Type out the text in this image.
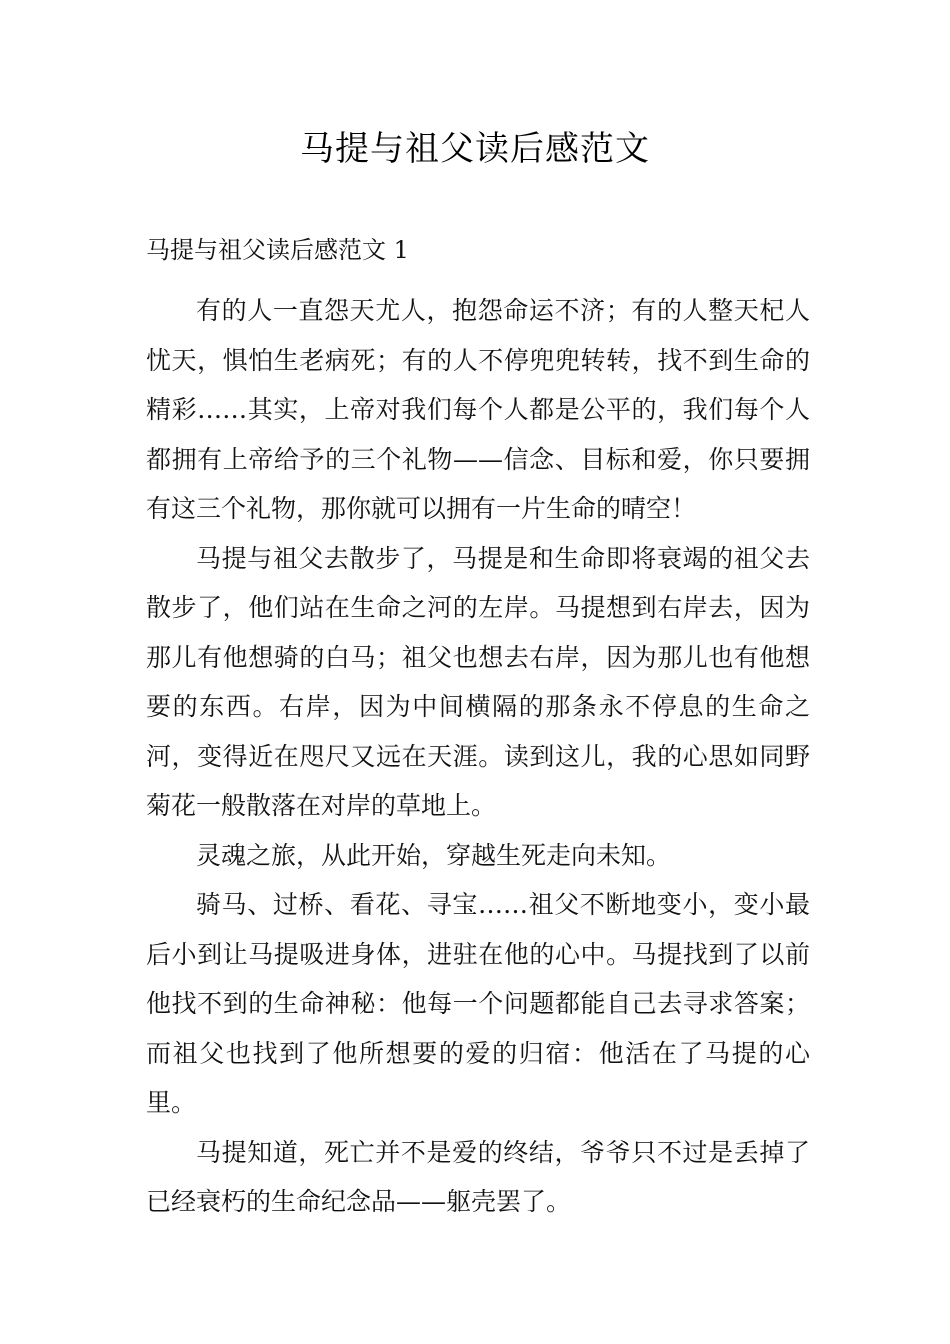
马提与祖父读后感范文
马提与祖父读后感范文 1

有的人一直怨天尤人，抱怨命运不济；有的人整天杞人忧天，惧怕生老病死；有的人不停兜兜转转，找不到生命的精彩……其实，上帝对我们每个人都是公平的，我们每个人都拥有上帝给予的三个礼物——信念、目标和爱，你只要拥有这三个礼物，那你就可以拥有一片生命的晴空！

马提与祖父去散步了，马提是和生命即将衰竭的祖父去散步了，他们站在生命之河的左岸。马提想到右岸去，因为那儿有他想骑的白马；祖父也想去右岸，因为那儿也有他想要的东西。右岸，因为中间横隔的那条永不停息的生命之河，变得近在咫尺又远在天涯。读到这儿，我的心思如同野菊花一般散落在对岸的草地上。

灵魂之旅，从此开始，穿越生死走向未知。

骑马、过桥、看花、寻宝……祖父不断地变小，变小最后小到让马提吸进身体，进驻在他的心中。马提找到了以前他找不到的生命神秘：他每一个问题都能自己去寻求答案；而祖父也找到了他所想要的爱的归宿：他活在了马提的心里。

马提知道，死亡并不是爱的终结，爷爷只不过是丢掉了已经衰朽的生命纪念品——躯壳罢了。
